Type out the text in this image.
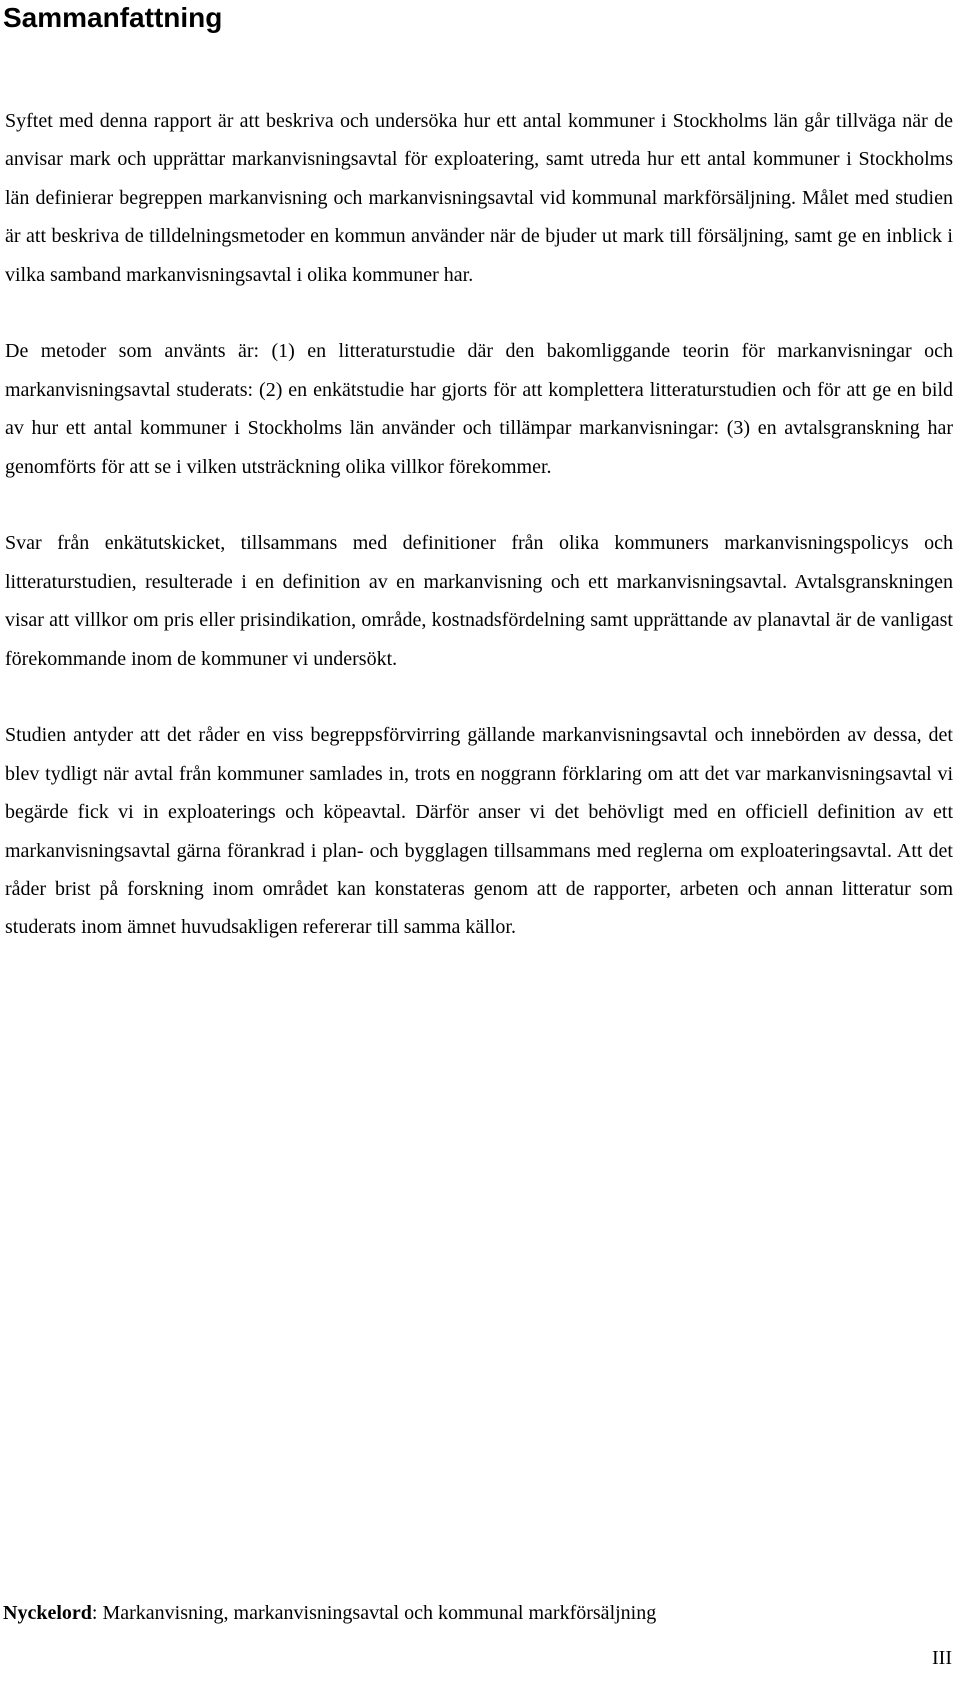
Sammanfattning

Syftet med denna rapport är att beskriva och undersöka hur ett antal kommuner i Stockholms län går tillväga när de anvisar mark och upprättar markanvisningsavtal för exploatering, samt utreda hur ett antal kommuner i Stockholms län definierar begreppen markanvisning och markanvisningsavtal vid kommunal markförsäljning. Målet med studien är att beskriva de tilldelningsmetoder en kommun använder när de bjuder ut mark till försäljning, samt ge en inblick i vilka samband markanvisningsavtal i olika kommuner har.

De metoder som använts är: (1) en litteraturstudie där den bakomliggande teorin för markanvisningar och markanvisningsavtal studerats: (2) en enkätstudie har gjorts för att komplettera litteraturstudien och för att ge en bild av hur ett antal kommuner i Stockholms län använder och tillämpar markanvisningar: (3) en avtalsgranskning har genomförts för att se i vilken utsträckning olika villkor förekommer.

Svar från enkätutskicket, tillsammans med definitioner från olika kommuners markanvisningspolicys och litteraturstudien, resulterade i en definition av en markanvisning och ett markanvisningsavtal. Avtalsgranskningen visar att villkor om pris eller prisindikation, område, kostnadsfördelning samt upprättande av planavtal är de vanligast förekommande inom de kommuner vi undersökt.

Studien antyder att det råder en viss begreppsförvirring gällande markanvisningsavtal och innebörden av dessa, det blev tydligt när avtal från kommuner samlades in, trots en noggrann förklaring om att det var markanvisningsavtal vi begärde fick vi in exploaterings och köpeavtal. Därför anser vi det behövligt med en officiell definition av ett markanvisningsavtal gärna förankrad i plan- och bygglagen tillsammans med reglerna om exploateringsavtal. Att det råder brist på forskning inom området kan konstateras genom att de rapporter, arbeten och annan litteratur som studerats inom ämnet huvudsakligen refererar till samma källor.

Nyckelord: Markanvisning, markanvisningsavtal och kommunal markförsäljning
III
